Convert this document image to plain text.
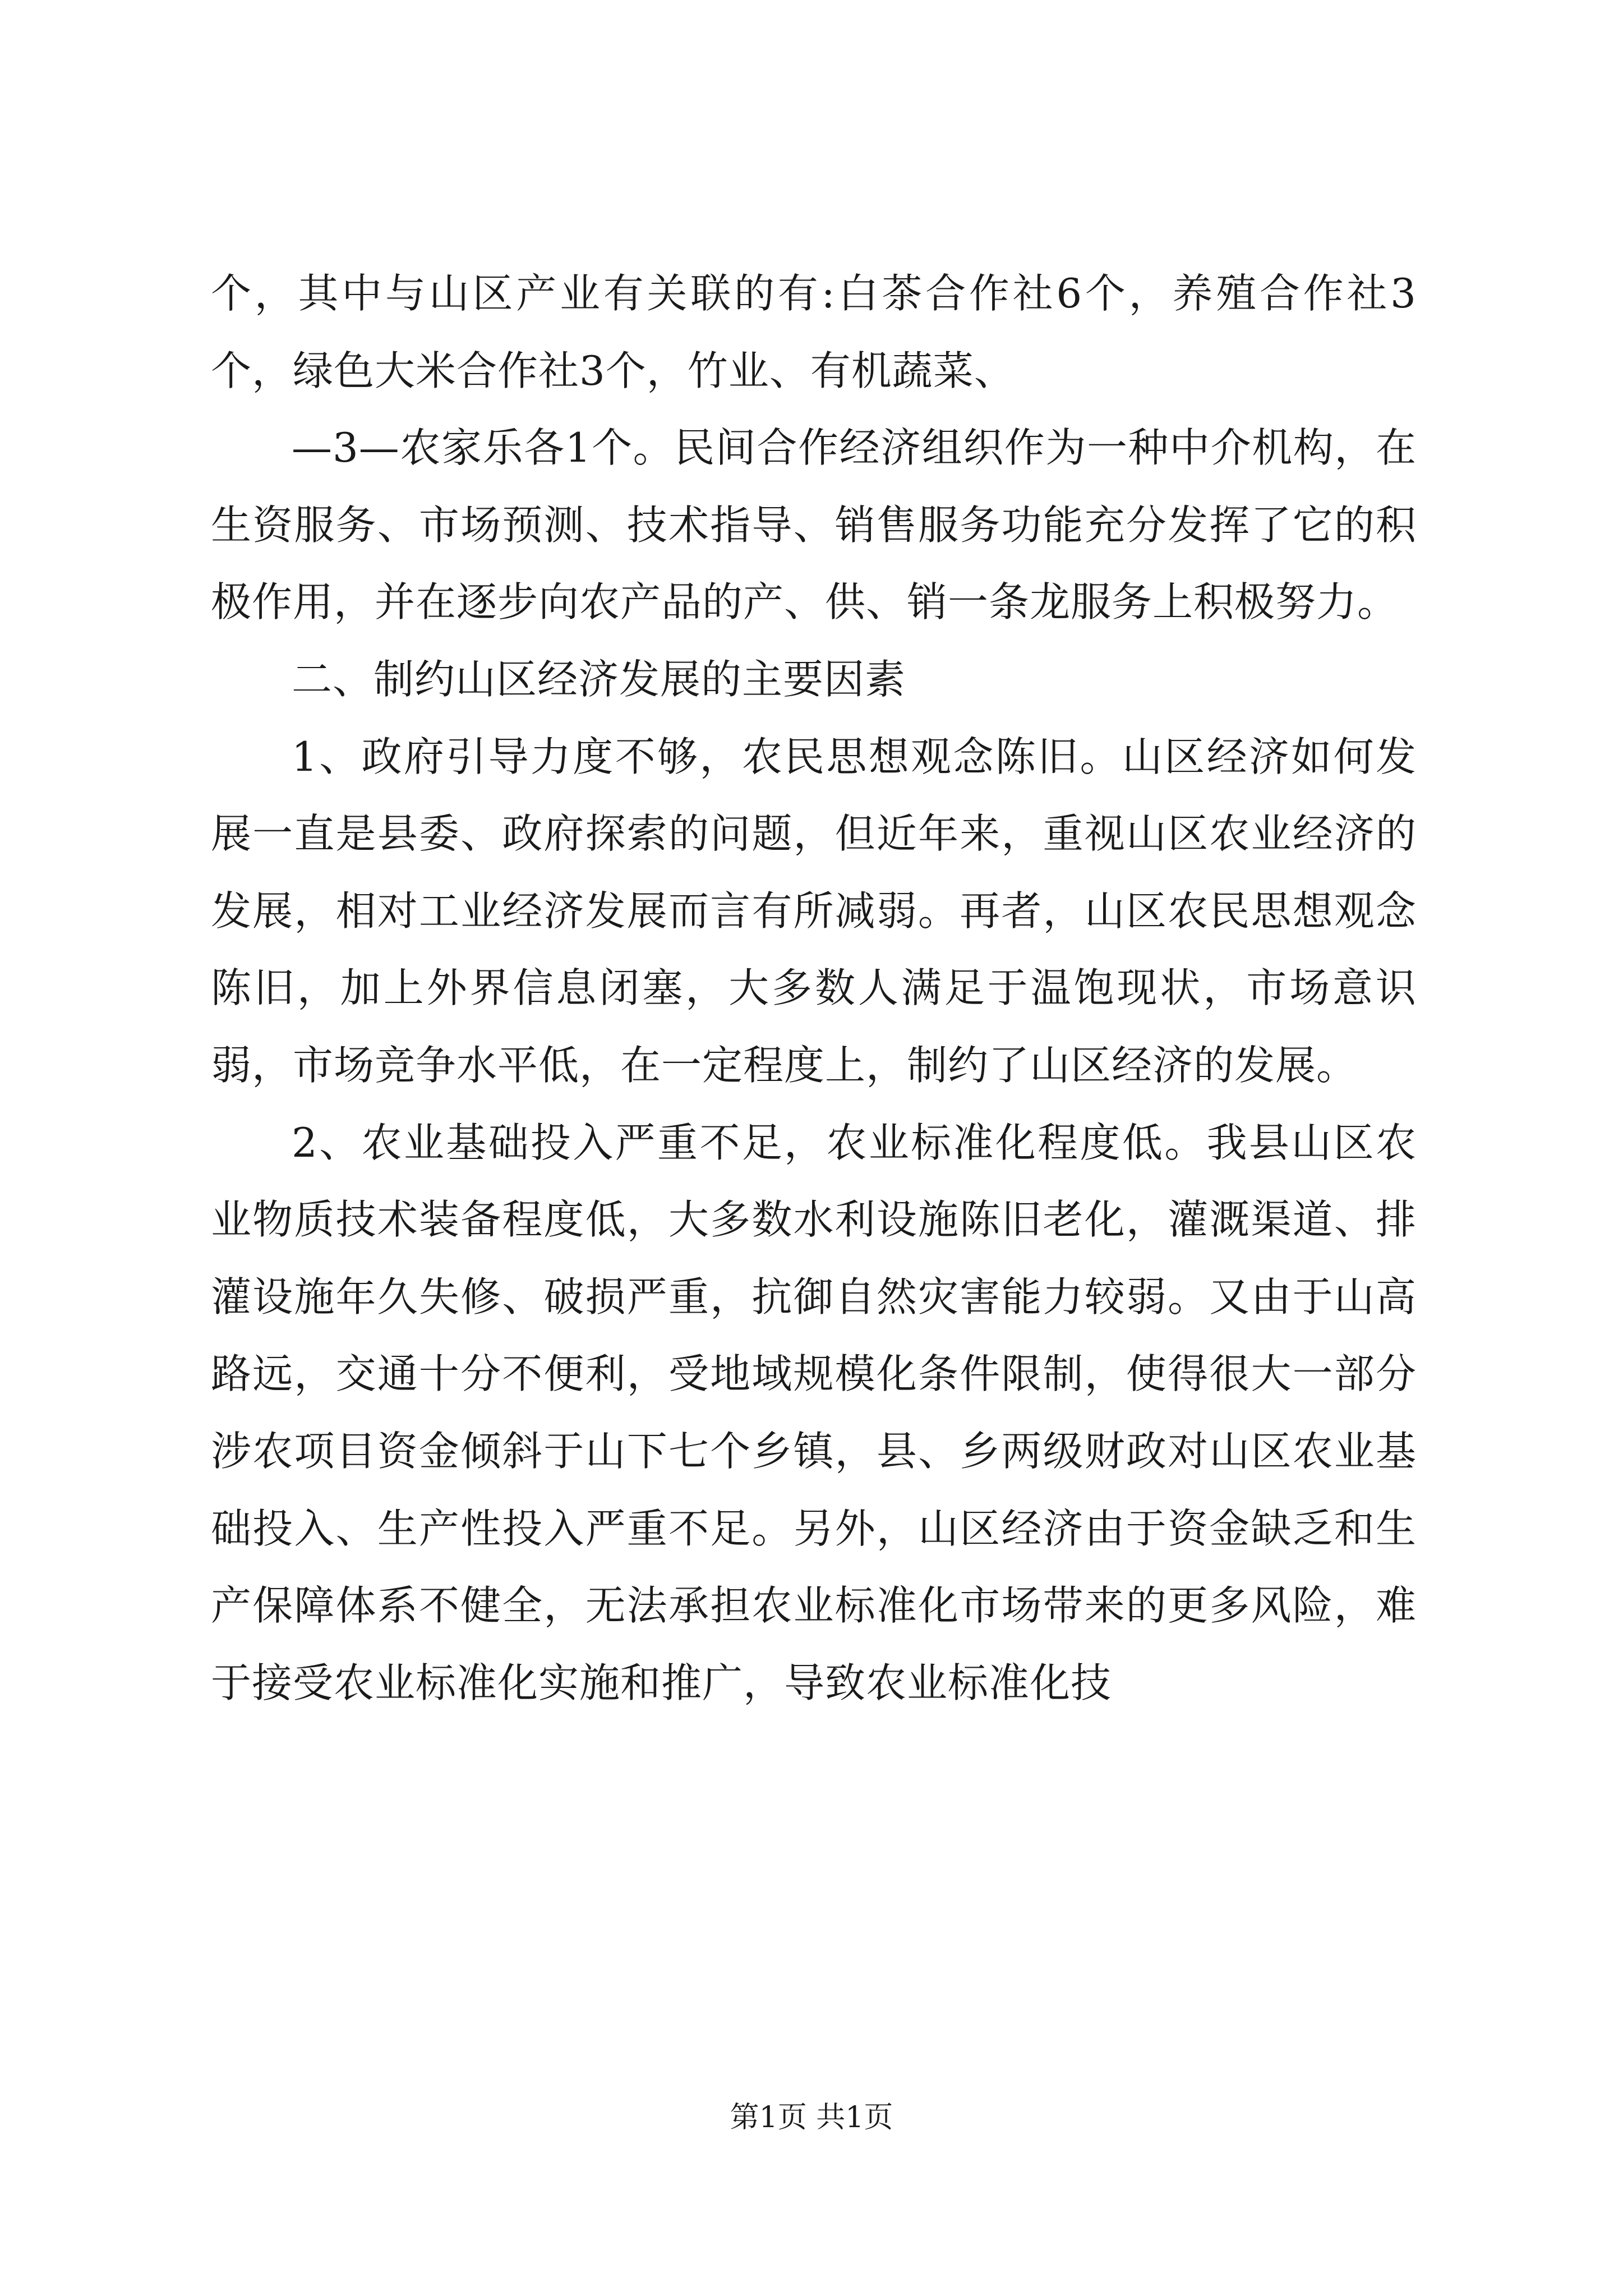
个，其中与山区产业有关联的有:白茶合作社6个，养殖合作社3个，绿色大米合作社3个，竹业、有机蔬菜、

—3—农家乐各1个。民间合作经济组织作为一种中介机构，在生资服务、市场预测、技术指导、销售服务功能充分发挥了它的积极作用，并在逐步向农产品的产、供、销一条龙服务上积极努力。

二、制约山区经济发展的主要因素

1、政府引导力度不够，农民思想观念陈旧。山区经济如何发展一直是县委、政府探索的问题，但近年来，重视山区农业经济的发展，相对工业经济发展而言有所减弱。再者，山区农民思想观念陈旧，加上外界信息闭塞，大多数人满足于温饱现状，市场意识弱，市场竞争水平低，在一定程度上，制约了山区经济的发展。

2、农业基础投入严重不足，农业标准化程度低。我县山区农业物质技术装备程度低，大多数水利设施陈旧老化，灌溉渠道、排灌设施年久失修、破损严重，抗御自然灾害能力较弱。又由于山高路远，交通十分不便利，受地域规模化条件限制，使得很大一部分涉农项目资金倾斜于山下七个乡镇，县、乡两级财政对山区农业基础投入、生产性投入严重不足。另外，山区经济由于资金缺乏和生产保障体系不健全，无法承担农业标准化市场带来的更多风险，难于接受农业标准化实施和推广，导致农业标准化技

第1页 共1页
